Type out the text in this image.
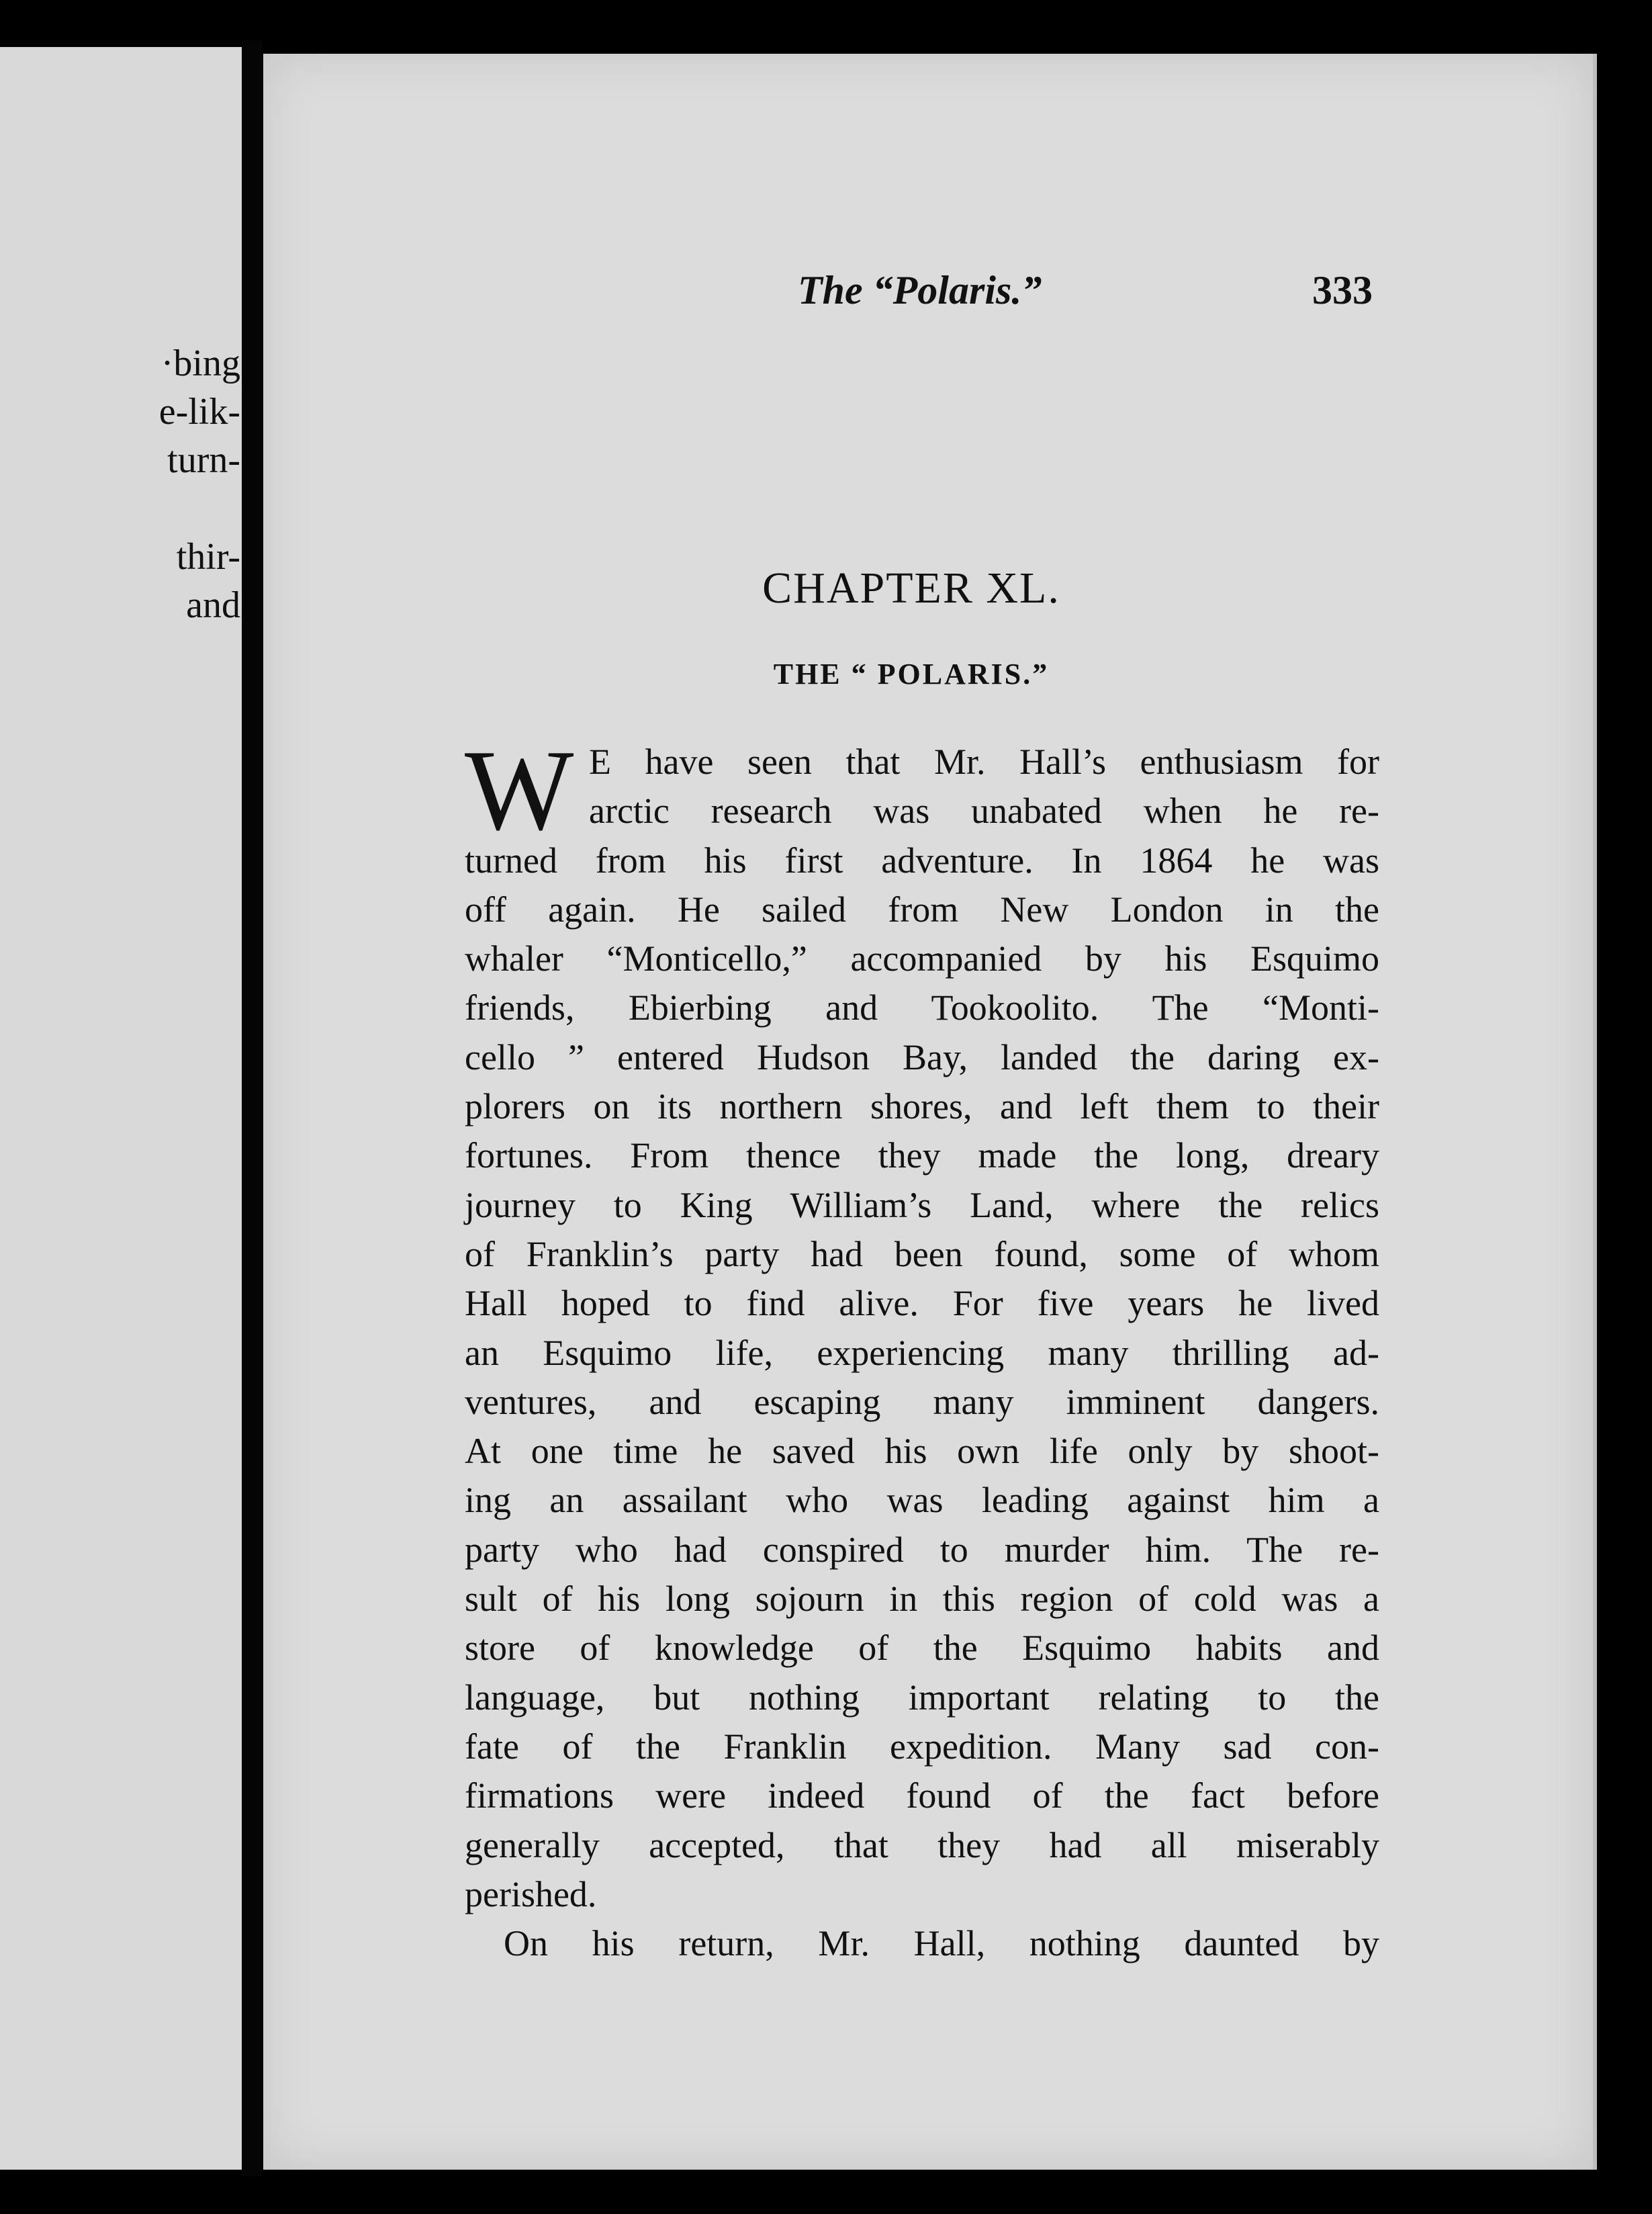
·bing
e-lik-
turn-
thir-
and
The “Polaris.”	333
CHAPTER XL.
THE “ POLARIS.”
W E have seen that Mr. Hall’s enthusiasm for
arctic research was unabated when he re-
turned from his first adventure. In 1864 he was
off again. He sailed from New London in the
whaler “Monticello,” accompanied by his Esquimo
friends, Ebierbing and Tookoolito. The “Monti-
cello ” entered Hudson Bay, landed the daring ex-
plorers on its northern shores, and left them to their
fortunes. From thence they made the long, dreary
journey to King William’s Land, where the relics
of Franklin’s party had been found, some of whom
Hall hoped to find alive. For five years he lived
an Esquimo life, experiencing many thrilling ad-
ventures, and escaping many imminent dangers.
At one time he saved his own life only by shoot-
ing an assailant who was leading against him a
party who had conspired to murder him. The re-
sult of his long sojourn in this region of cold was a
store of knowledge of the Esquimo habits and
language, but nothing important relating to the
fate of the Franklin expedition. Many sad con-
firmations were indeed found of the fact before
generally accepted, that they had all miserably
perished.
On his return, Mr. Hall, nothing daunted by
